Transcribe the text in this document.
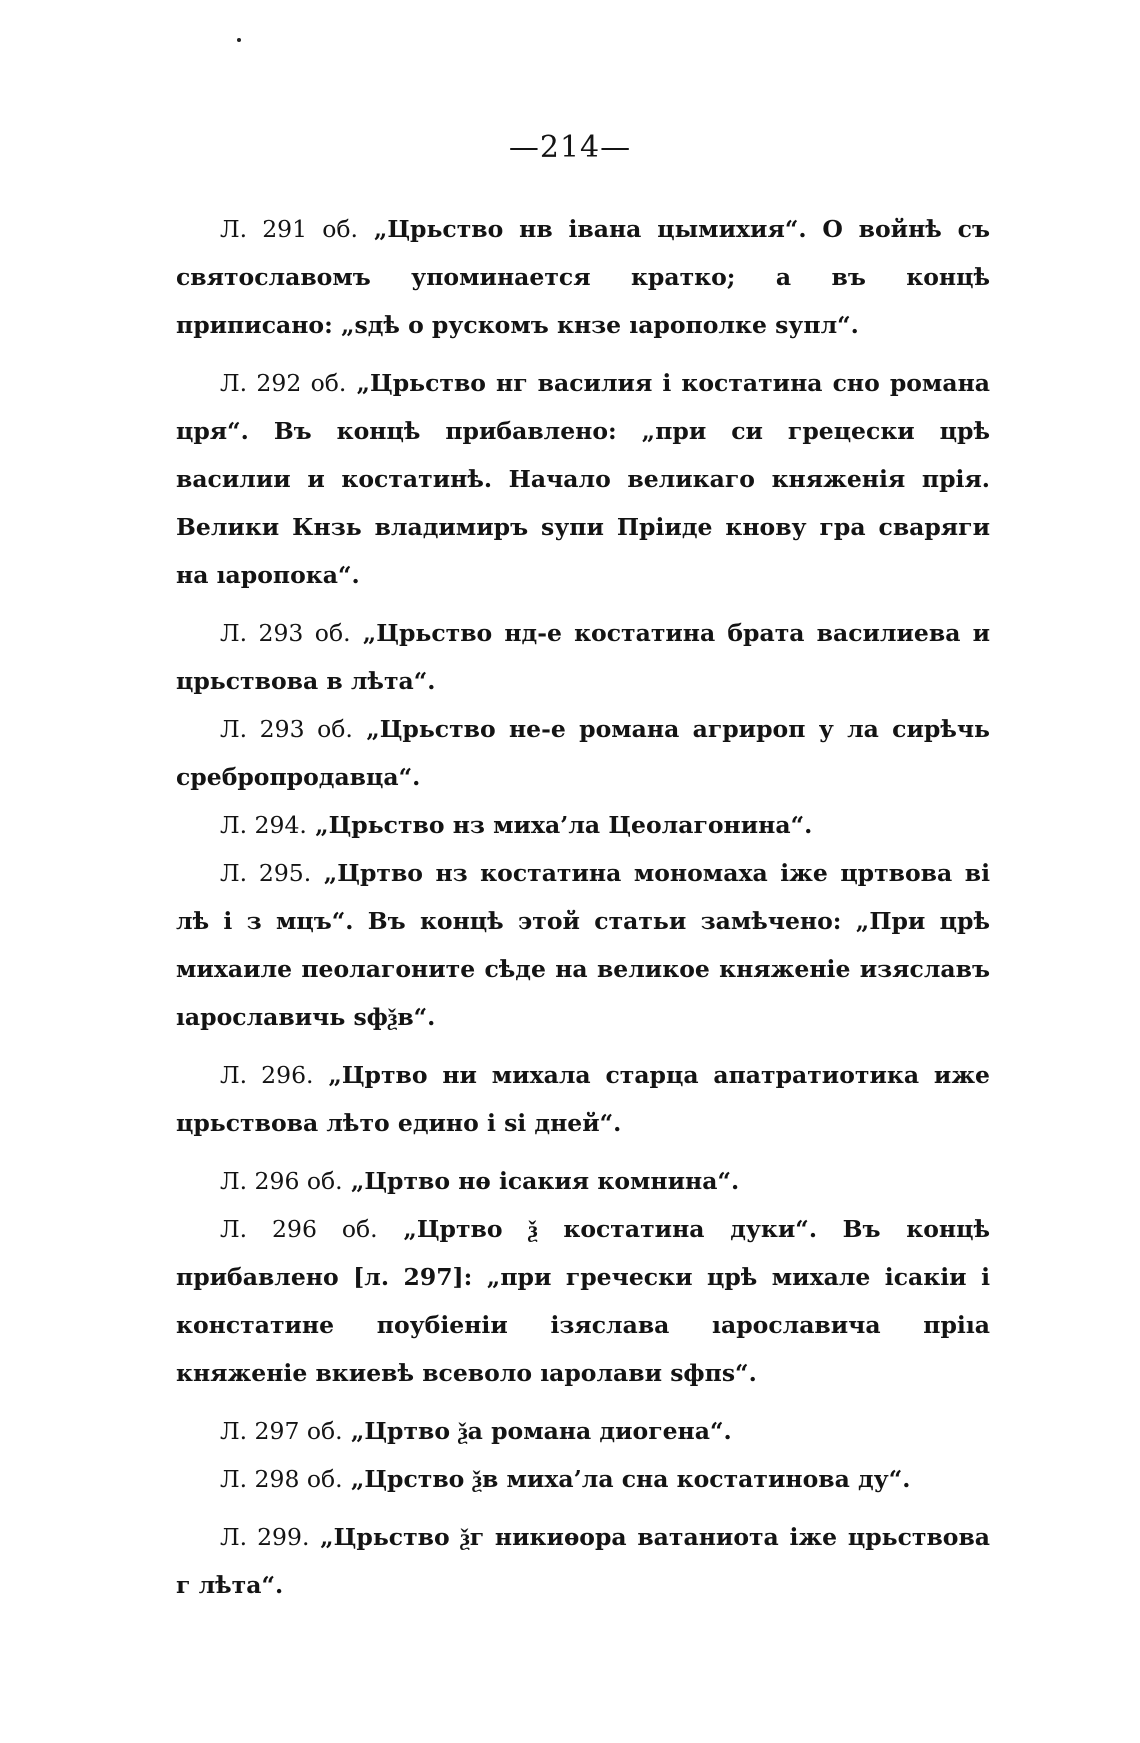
—214—

Л. 291 об. „Црьство нв івана цымихия“. О войнѣ съ святославомъ упоминается кратко; а въ концѣ приписано: „ѕдѣ о рускомъ кнзе ıарополке ѕупл“.

Л. 292 об. „Црьство нг василия і костатина сно романа цря“. Въ концѣ прибавлено: „при си грецески црѣ василии и костатинѣ. Начало великаго княженія прія. Велики Кнзь владимиръ ѕупи Пріиде кнову гра сваряги на ıаропока“.

Л. 293 об. „Црьство нд-е костатина брата василиева и црьствова в лѣта“.

Л. 293 об. „Црьство не-е романа агрироп у ла сирѣчь сребропродавца“.

Л. 294. „Црьство нз миха’ла Цеолагонина“.

Л. 295. „Цртво нз костатина мономаха іже цртвова ві лѣ і з мцъ“. Въ концѣ этой статьи замѣчено: „При црѣ михаиле пеолагоните сѣде на великое княженіе изяславъ ıарославичь ѕфѯв“.

Л. 296. „Цртво ни михала старца апатратиотика иже црьствова лѣто едино і ѕі дней“.

Л. 296 об. „Цртво нѳ ісакия комнина“.

Л. 296 об. „Цртво ѯ костатина дуки“. Въ концѣ прибавлено [л. 297]: „при гречески црѣ михале ісакіи і констатине поубіеніи ізяслава ıарославича пріıа княженіе вкиевѣ всеволо ıаролави ѕфпѕ“.

Л. 297 об. „Цртво ѯа романа диогена“.

Л. 298 об. „Црство ѯв миха’ла сна костатинова ду“.

Л. 299. „Црьство ѯг никиѳора ватаниота іже црьствова г лѣта“.
